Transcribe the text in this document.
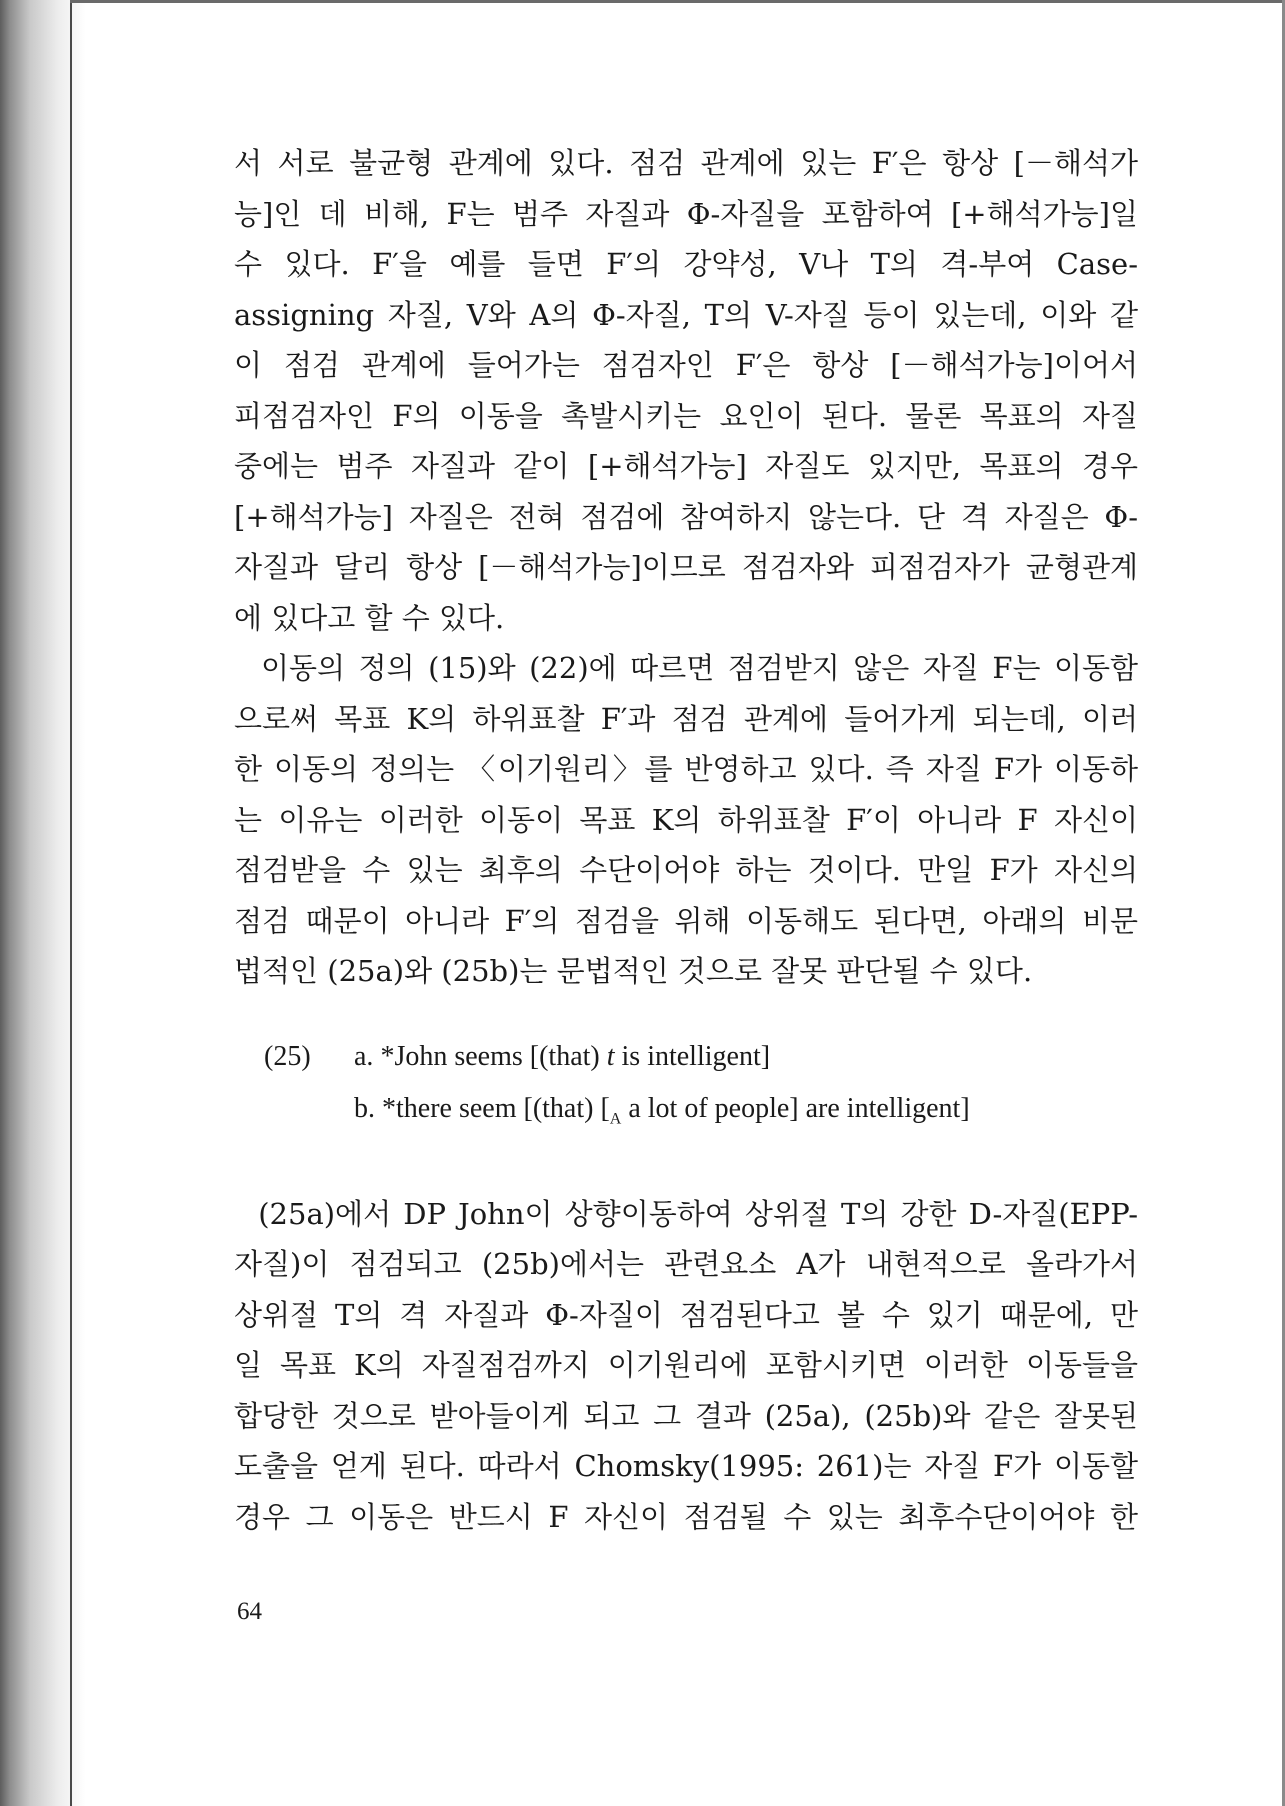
서 서로 불균형 관계에 있다. 점검 관계에 있는 F′은 항상 [－해석가
능]인 데 비해, F는 범주 자질과 Φ-자질을 포함하여 [+해석가능]일
수 있다. F′을 예를 들면 F′의 강약성, V나 T의 격-부여 Case-
assigning 자질, V와 A의 Φ-자질, T의 V-자질 등이 있는데, 이와 같
이 점검 관계에 들어가는 점검자인 F′은 항상 [－해석가능]이어서
피점검자인 F의 이동을 촉발시키는 요인이 된다. 물론 목표의 자질
중에는 범주 자질과 같이 [+해석가능] 자질도 있지만, 목표의 경우
[+해석가능] 자질은 전혀 점검에 참여하지 않는다. 단 격 자질은 Φ-
자질과 달리 항상 [－해석가능]이므로 점검자와 피점검자가 균형관계
에 있다고 할 수 있다.
이동의 정의 (15)와 (22)에 따르면 점검받지 않은 자질 F는 이동함
으로써 목표 K의 하위표찰 F′과 점검 관계에 들어가게 되는데, 이러
한 이동의 정의는 〈이기원리〉를 반영하고 있다. 즉 자질 F가 이동하
는 이유는 이러한 이동이 목표 K의 하위표찰 F′이 아니라 F 자신이
점검받을 수 있는 최후의 수단이어야 하는 것이다. 만일 F가 자신의
점검 때문이 아니라 F′의 점검을 위해 이동해도 된다면, 아래의 비문
법적인 (25a)와 (25b)는 문법적인 것으로 잘못 판단될 수 있다.
(25) a. *John seems [(that) t is intelligent]
b. *there seem [(that) [$_A$ a lot of people] are intelligent]
(25a)에서 DP John이 상향이동하여 상위절 T의 강한 D-자질(EPP-
자질)이 점검되고 (25b)에서는 관련요소 A가 내현적으로 올라가서
상위절 T의 격 자질과 Φ-자질이 점검된다고 볼 수 있기 때문에, 만
일 목표 K의 자질점검까지 이기원리에 포함시키면 이러한 이동들을
합당한 것으로 받아들이게 되고 그 결과 (25a), (25b)와 같은 잘못된
도출을 얻게 된다. 따라서 Chomsky(1995: 261)는 자질 F가 이동할
경우 그 이동은 반드시 F 자신이 점검될 수 있는 최후수단이어야 한
64
